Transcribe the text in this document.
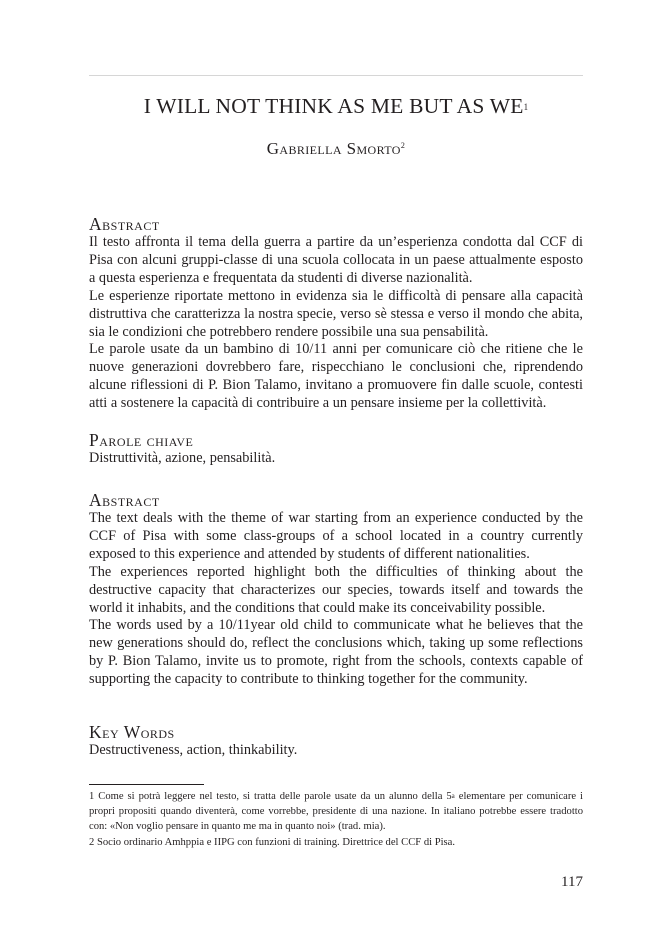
I WILL NOT THINK AS ME BUT AS $WE^1$
Gabriella Smorto$^2$
Abstract

Il testo affronta il tema della guerra a partire da un’esperienza condotta dal CCF di Pisa con alcuni gruppi-classe di una scuola collocata in un paese attualmente esposto a questa esperienza e frequentata da studenti di diverse nazionalità.

Le esperienze riportate mettono in evidenza sia le difficoltà di pensare alla capacità distruttiva che caratterizza la nostra specie, verso sè stessa e verso il mondo che abita, sia le condizioni che potrebbero rendere possibile una sua pensabilità.

Le parole usate da un bambino di 10/11 anni per comunicare ciò che ritiene che le nuove generazioni dovrebbero fare, rispecchiano le conclusioni che, riprendendo alcune riflessioni di P. Bion Talamo, invitano a promuovere fin dalle scuole, contesti atti a sostenere la capacità di contribuire a un pensare insieme per la collettività.

Parole chiave

Distruttività, azione, pensabilità.

Abstract

The text deals with the theme of war starting from an experience conducted by the CCF of Pisa with some class-groups of a school located in a country currently exposed to this experience and attended by students of different nationalities.

The experiences reported highlight both the difficulties of thinking about the destructive capacity that characterizes our species, towards itself and towards the world it inhabits, and the conditions that could make its conceivability possible.

The words used by a 10/11year old child to communicate what he believes that the new generations should do, reflect the conclusions which, taking up some reflections by P. Bion Talamo, invite us to promote, right from the schools, contexts capable of supporting the capacity to contribute to thinking together for the community.

Key Words

Destructiveness, action, thinkability.

1 Come si potrà leggere nel testo, si tratta delle parole usate da un alunno della 5$^a$ elementare per comunicare i propri propositi quando diventerà, come vorrebbe, presidente di una nazione. In italiano potrebbe essere tradotto con: «Non voglio pensare in quanto me ma in quanto noi» (trad. mia).

2 Socio ordinario Amhppia e IIPG con funzioni di training. Direttrice del CCF di Pisa.

117
